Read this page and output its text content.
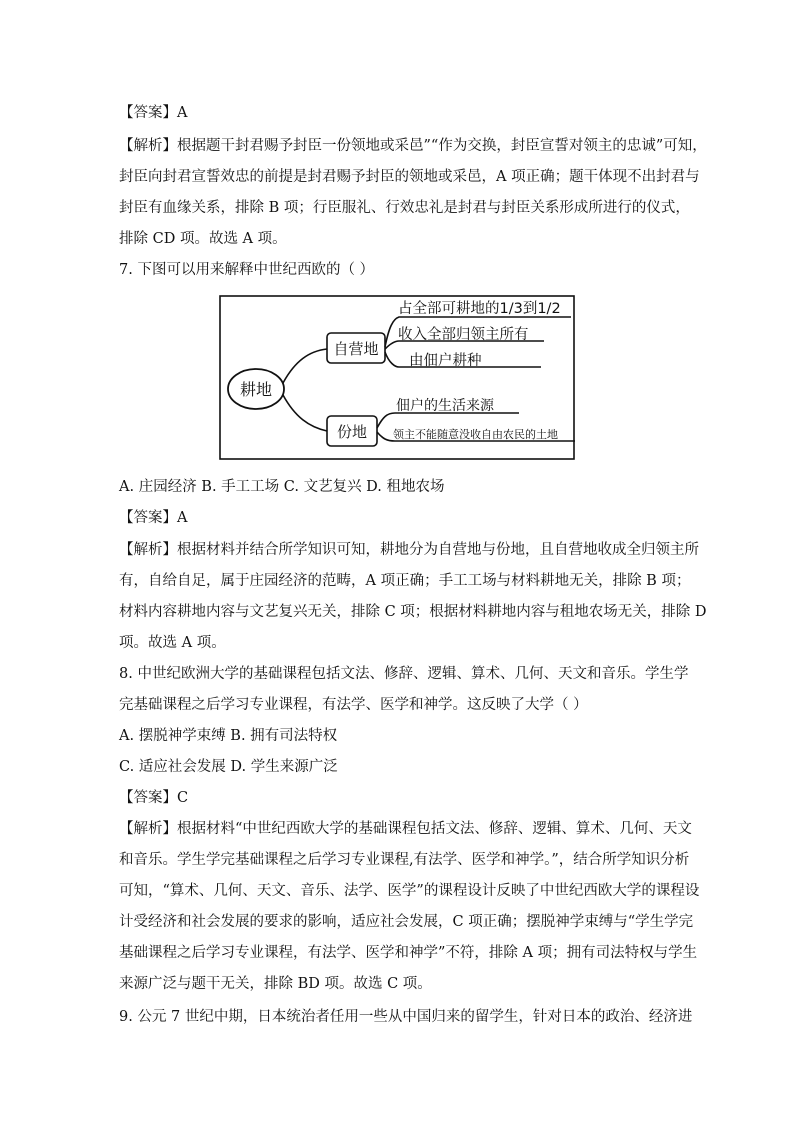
【答案】A
【解析】根据题干封君赐予封臣一份领地或采邑”“作为交换，封臣宣誓对领主的忠诚”可知，
封臣向封君宣誓效忠的前提是封君赐予封臣的领地或采邑，A 项正确；题干体现不出封君与
封臣有血缘关系，排除 B 项；行臣服礼、行效忠礼是封君与封臣关系形成所进行的仪式，
排除 CD 项。故选 A 项。
7. 下图可以用来解释中世纪西欧的（ ）
耕地
自营地
占全部可耕地的1/3到1/2
收入全部归领主所有
由佃户耕种
份地
佃户的生活来源
领主不能随意没收自由农民的土地
A. 庄园经济 B. 手工工场 C. 文艺复兴 D. 租地农场
【答案】A
【解析】根据材料并结合所学知识可知，耕地分为自营地与份地，且自营地收成全归领主所
有，自给自足，属于庄园经济的范畴，A 项正确；手工工场与材料耕地无关，排除 B 项；
材料内容耕地内容与文艺复兴无关，排除 C 项；根据材料耕地内容与租地农场无关，排除 D
项。故选 A 项。
8. 中世纪欧洲大学的基础课程包括文法、修辞、逻辑、算术、几何、天文和音乐。学生学
完基础课程之后学习专业课程，有法学、医学和神学。这反映了大学（ ）
A. 摆脱神学束缚 B. 拥有司法特权
C. 适应社会发展 D. 学生来源广泛
【答案】C
【解析】根据材料“中世纪西欧大学的基础课程包括文法、修辞、逻辑、算术、几何、天文
和音乐。学生学完基础课程之后学习专业课程,有法学、医学和神学。”，结合所学知识分析
可知，“算术、几何、天文、音乐、法学、医学”的课程设计反映了中世纪西欧大学的课程设
计受经济和社会发展的要求的影响，适应社会发展，C 项正确；摆脱神学束缚与“学生学完
基础课程之后学习专业课程，有法学、医学和神学”不符，排除 A 项；拥有司法特权与学生
来源广泛与题干无关，排除 BD 项。故选 C 项。
9. 公元 7 世纪中期，日本统治者任用一些从中国归来的留学生，针对日本的政治、经济进
